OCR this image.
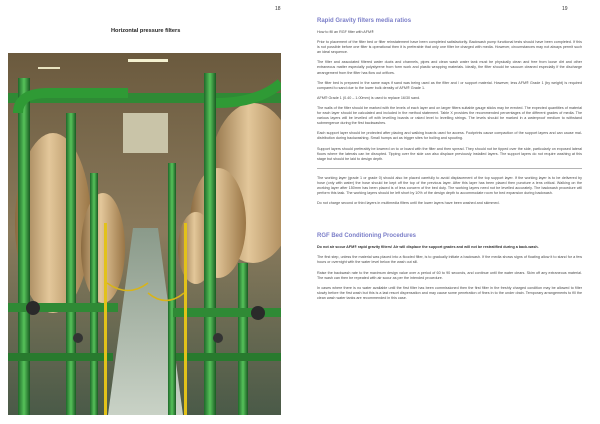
18
Horizontal pressure filters
19
Rapid Gravity filters media ratios
How to fill an RGF filter with AFM®
Prior to placement of the filter bed or filter reinstatement have been completed satisfactorily. Backwash pump functional tests should have been completed. If this is not possible before one filter is operational then it is preferable that only one filter be charged with media. However, circumstances may not always permit such an ideal sequence.
The filter and associated filtered water ducts and channels, pipes and clean wash water tank must be physically clean and free from loose dirt and other extraneous matter especially polystyrene from form work and plastic wrapping materials. Ideally, the filter should be vacuum cleaned especially if the discharge arrangement from the filter has flow out orifices.
The filter bed is prepared in the same ways if sand was being used as the filter and / or support material. However, less AFM® Grade 1 (by weight) is required compared to sand due to the lower bulk density of AFM® Grade 1.
AFM® Grade 1 (0.40 – 1.00mm) is used to replace 16/30 sand.
The walls of the filter should be marked with the levels of each layer and on larger filters suitable gauge sticks may be erected. The expected quantities of material for each layer should be calculated and included in the method statement. Table X provides the recommended percentages of the different grades of media. The various layers will be levelled off with levelling boards or raked level to levelling strings. The levels should be marked in a waterproof medium to withstand submergence during the first backwashes.
Each support layer should be protected after placing and walking boards used for access. Footprints cause compaction of the support layers and can cause mal-distribution during backwashing. Small humps act as trigger sites for boiling and spouting.
Support layers should preferably be lowered on to or board with the filter and then spread. They should not be tipped over the side, particularly on exposed lateral floors where the laterals can be disrupted. Tipping over the side can also displace previously installed layers. The support layers do not require washing at this stage but should be laid to design depth.
The working layer (grade 1 or grade 0) should also be placed carefully to avoid displacement of the top support layer. If the working layer is to be delivered by hose (only with water) the hose should be kept off the top of the previous layer. After this layer has been placed then puncture a lens critical. Walking on the working layer after 150mm has been placed is of less concern of the bed duty. The working layers need not be levelled accurately. The backwash procedure will perform this task. The working layers should be left short by 10% of the design depth to accommodate room for bed expansion during backwash.
Do not charge second or third layers in multimedia filters until the lower layers have been washed and skimmed.
RGF Bed Conditioning Procedures
Do not air scour AFM® rapid gravity filters! Air will displace the support grades and will not be restratified during a back-wash.
The first step, unless the material was placed into a flooded filter, is to gradually initiate a backwash. If the media shows signs of floating allow it to stand for a few hours or overnight with the water level below the wash out sill.
Raise the backwash rate to the maximum design value over a period of 60 to 90 seconds, and continue until the water clears. Skim off any extraneous material. The wash can then be repeated with air scour as per the intended procedure.
In cases where there is no water available until the first filter has been commissioned then the first filter in the freshly charged condition may be allowed to filter slowly before the first wash but this is a last resort dispensation and may cause some penetration of fines in to the under drain. Temporary arrangements to fill the clean wash water tanks are recommended in this case.
